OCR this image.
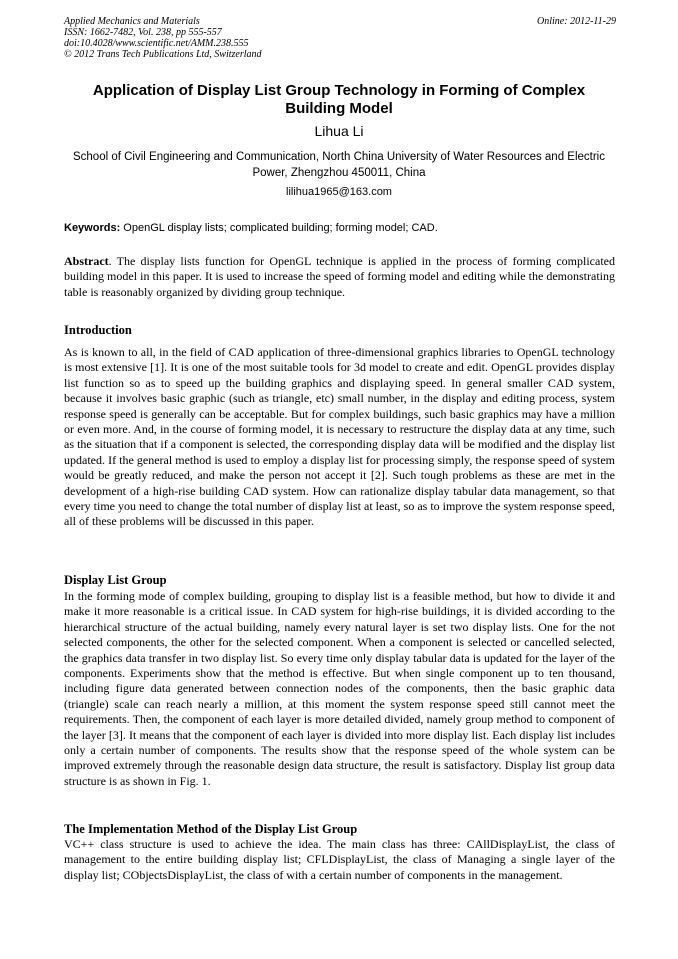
Applied Mechanics and Materials
ISSN: 1662-7482, Vol. 238, pp 555-557
doi:10.4028/www.scientific.net/AMM.238.555
© 2012 Trans Tech Publications Ltd, Switzerland
Online: 2012-11-29
Application of Display List Group Technology in Forming of Complex Building Model
Lihua Li
School of Civil Engineering and Communication, North China University of Water Resources and Electric Power, Zhengzhou 450011, China
lilihua1965@163.com
Keywords: OpenGL display lists; complicated building; forming model; CAD.
Abstract. The display lists function for OpenGL technique is applied in the process of forming complicated building model in this paper. It is used to increase the speed of forming model and editing while the demonstrating table is reasonably organized by dividing group technique.
Introduction
As is known to all, in the field of CAD application of three-dimensional graphics libraries to OpenGL technology is most extensive [1]. It is one of the most suitable tools for 3d model to create and edit. OpenGL provides display list function so as to speed up the building graphics and displaying speed. In general smaller CAD system, because it involves basic graphic (such as triangle, etc) small number, in the display and editing process, system response speed is generally can be acceptable. But for complex buildings, such basic graphics may have a million or even more. And, in the course of forming model, it is necessary to restructure the display data at any time, such as the situation that if a component is selected, the corresponding display data will be modified and the display list updated. If the general method is used to employ a display list for processing simply, the response speed of system would be greatly reduced, and make the person not accept it [2]. Such tough problems as these are met in the development of a high-rise building CAD system. How can rationalize display tabular data management, so that every time you need to change the total number of display list at least, so as to improve the system response speed, all of these problems will be discussed in this paper.
Display List Group
In the forming mode of complex building, grouping to display list is a feasible method, but how to divide it and make it more reasonable is a critical issue. In CAD system for high-rise buildings, it is divided according to the hierarchical structure of the actual building, namely every natural layer is set two display lists. One for the not selected components, the other for the selected component. When a component is selected or cancelled selected, the graphics data transfer in two display list. So every time only display tabular data is updated for the layer of the components. Experiments show that the method is effective. But when single component up to ten thousand, including figure data generated between connection nodes of the components, then the basic graphic data (triangle) scale can reach nearly a million, at this moment the system response speed still cannot meet the requirements. Then, the component of each layer is more detailed divided, namely group method to component of the layer [3]. It means that the component of each layer is divided into more display list. Each display list includes only a certain number of components. The results show that the response speed of the whole system can be improved extremely through the reasonable design data structure, the result is satisfactory. Display list group data structure is as shown in Fig. 1.
The Implementation Method of the Display List Group
VC++ class structure is used to achieve the idea. The main class has three: CAllDisplayList, the class of management to the entire building display list; CFLDisplayList, the class of Managing a single layer of the display list; CObjectsDisplayList, the class of with a certain number of components in the management.
